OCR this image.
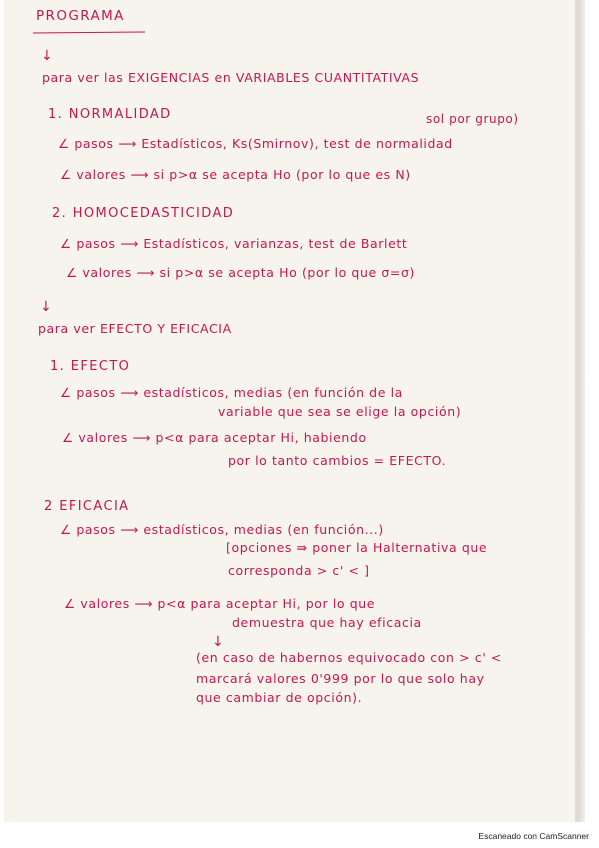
PROGRAMA
↓
para ver las EXIGENCIAS en VARIABLES CUANTITATIVAS
1. NORMALIDAD	sol por grupo)
∠ pasos ⟶ Estadísticos, Ks(Smirnov), test de normalidad
∠ valores ⟶ si p>α se acepta Ho (por lo que es N)
2. HOMOCEDASTICIDAD
∠ pasos ⟶ Estadísticos, varianzas, test de Barlett
∠ valores ⟶ si p>α se acepta Ho (por lo que σ=σ)
↓
para ver EFECTO Y EFICACIA
1. EFECTO
∠ pasos ⟶ estadísticos, medias (en función de la
variable que sea se elige la opción)
∠ valores ⟶ p<α para aceptar Hi, habiendo
por lo tanto cambios = EFECTO.
2 EFICACIA
∠ pasos ⟶ estadísticos, medias (en función...)
[opciones ⇛ poner la Halternativa que
corresponda > c' < ]
∠ valores ⟶ p<α para aceptar Hi, por lo que
demuestra que hay eficacia
↓
(en caso de habernos equivocado con > c' <
marcará valores 0'999 por lo que solo hay
que cambiar de opción).
Escaneado con CamScanner
